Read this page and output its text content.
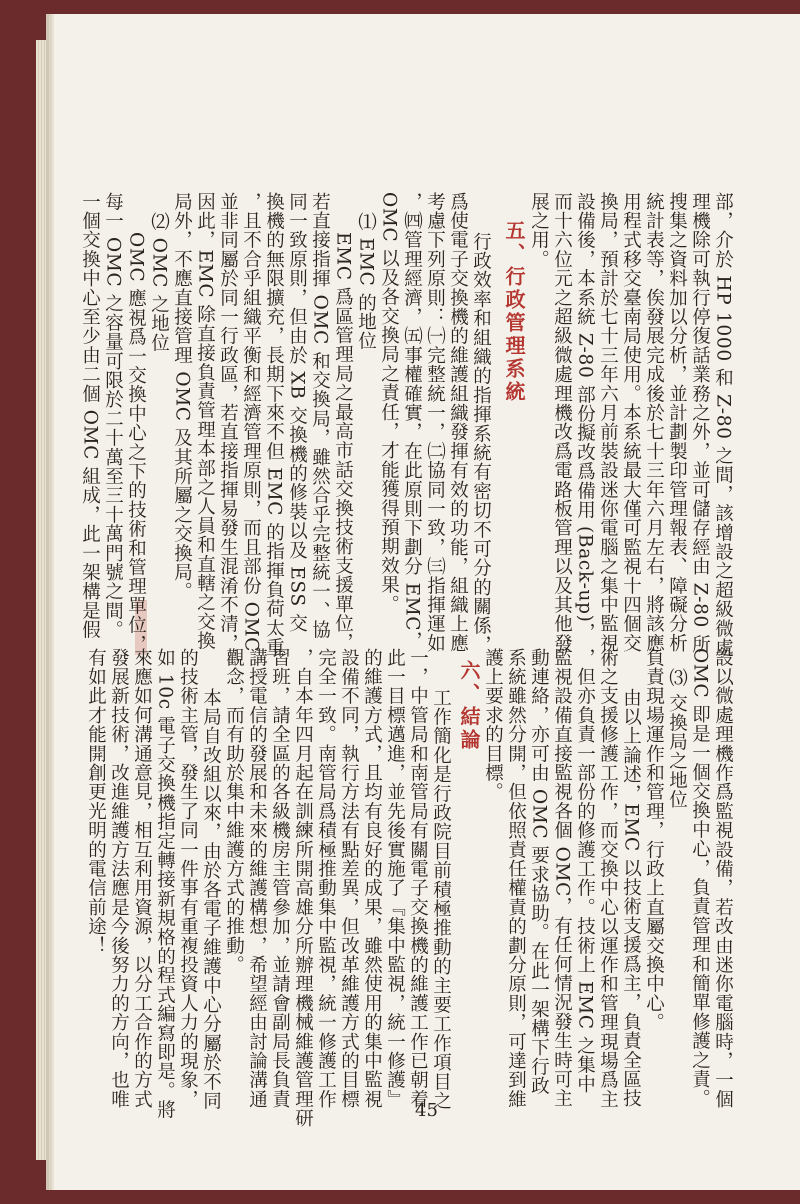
部，介於 HP 1000 和 Z-80 之間，該增設之超級微處
理機除可執行停復話業務之外，並可儲存經由 Z-80 所
搜集之資料加以分析，並計劃製印管理報表、障礙分析
統計表等，俟發展完成後於七十三年六月左右，將該應
用程式移交臺南局使用。本系統最大僅可監視十四個交
換局，預計於七十三年六月前裝設迷你電腦之集中監視
設備後，本系統 Z-80 部份擬改爲備用 (Back-up)，
而十六位元之超級微處理機改爲電路板管理以及其他發
展之用。
五、行政管理系統
行政效率和組織的指揮系統有密切不可分的關係，
爲使電子交換機的維護組織發揮有效的功能，組織上應
考慮下列原則：㈠完整統一，㈡協同一致，㈢指揮運如
，㈣管理經濟，㈤事權確實，在此原則下劃分 EMC，
OMC 以及各交換局之責任，才能獲得預期效果。
⑴ EMC 的地位
EMC 爲區管理局之最高市話交換技術支援單位，
若直接指揮 OMC 和交換局，雖然合乎完整統一、協
同一致原則，但由於 XB 交換機的修裝以及 ESS 交
換機的無限擴充，長期下來不但 EMC 的指揮負荷太重
，且不合乎組織平衡和經濟管理原則，而且部份 OMC
並非同屬於同一行政區，若直接指揮易發生混淆不清，
因此，EMC 除直接負責管理本部之人員和直轄之交換
局外，不應直接管理 OMC 及其所屬之交換局。
⑵ OMC 之地位
OMC 應視爲一交換中心之下的技術和管理單位，
每一 OMC 之容量可限於二十萬至三十萬門號之間。
一個交換中心至少由二個 OMC 組成，此一架構是假
設以微處理機作爲監視設備，若改由迷你電腦時，一個
OMC 即是一個交換中心，負責管理和簡單修護之責。
⑶ 交換局之地位
負責現場運作和管理，行政上直屬交換中心。
由以上論述，EMC 以技術支援爲主，負責全區技
術之支援修護工作，而交換中心以運作和管理現場爲主
，但亦負責一部份的修護工作。技術上 EMC 之集中
監視設備直接監視各個 OMC，有任何情況發生時可主
動連絡，亦可由 OMC 要求協助。在此一架構下行政
系統雖然分開，但依照責任權責的劃分原則，可達到維
護上要求的目標。
六、結論
工作簡化是行政院目前積極推動的主要工作項目之
一，中管局和南管局有關電子交換機的維護工作已朝着
此一目標邁進，並先後實施了『集中監視，統一修護』
的維護方式，且均有良好的成果，雖然使用的集中監視
設備不同，執行方法有點差異，但改革維護方式的目標
完全一致。南管局爲積極推動集中監視，統一修護工作
，自本年四月起在訓練所開高雄分所辦理機械維護管理研
習班，請全區的各級機房主管參加，並請會副局長負責
講授電信的發展和未來的維護構想，希望經由討論溝通
觀念，而有助於集中維護方式的推動。
本局自改組以來，由於各電子維護中心分屬於不同
的技術主管，發生了同一件事有重複投資人力的現象，
如 10c 電子交換機指定轉接新規格的程式編寫即是。將
來應如何溝通意見，相互利用資源，以分工合作的方式
發展新技術，改進維護方法應是今後努力的方向，也唯
有如此才能開創更光明的電信前途！
45
